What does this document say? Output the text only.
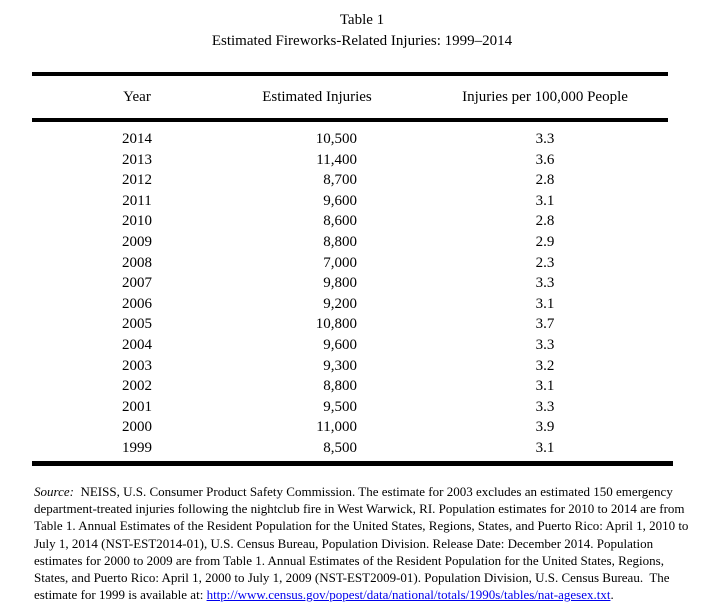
Table 1
Estimated Fireworks-Related Injuries: 1999–2014
Year	Estimated Injuries	Injuries per 100,000 People
2014	10,500	3.3
2013	11,400	3.6
2012	8,700	2.8
2011	9,600	3.1
2010	8,600	2.8
2009	8,800	2.9
2008	7,000	2.3
2007	9,800	3.3
2006	9,200	3.1
2005	10,800	3.7
2004	9,600	3.3
2003	9,300	3.2
2002	8,800	3.1
2001	9,500	3.3
2000	11,000	3.9
1999	8,500	3.1

Source:  NEISS, U.S. Consumer Product Safety Commission. The estimate for 2003 excludes an estimated 150 emergency department-treated injuries following the nightclub fire in West Warwick, RI. Population estimates for 2010 to 2014 are from Table 1. Annual Estimates of the Resident Population for the United States, Regions, States, and Puerto Rico: April 1, 2010 to July 1, 2014 (NST-EST2014-01), U.S. Census Bureau, Population Division. Release Date: December 2014. Population estimates for 2000 to 2009 are from Table 1. Annual Estimates of the Resident Population for the United States, Regions, States, and Puerto Rico: April 1, 2000 to July 1, 2009 (NST-EST2009-01). Population Division, U.S. Census Bureau.  The estimate for 1999 is available at: http://www.census.gov/popest/data/national/totals/1990s/tables/nat-agesex.txt.
